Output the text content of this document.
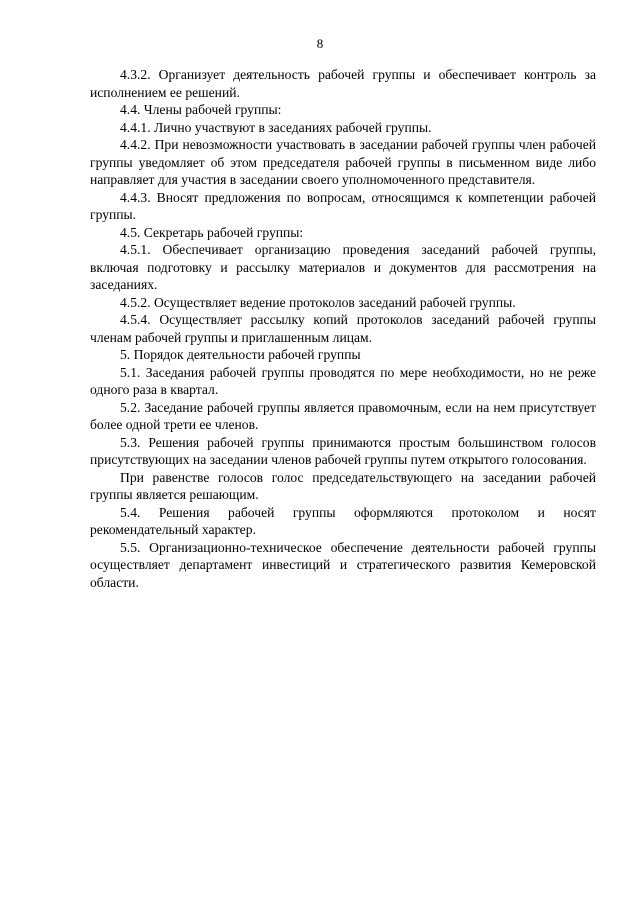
8

4.3.2. Организует деятельность рабочей группы и обеспечивает контроль за исполнением ее решений.

4.4. Члены рабочей группы:

4.4.1. Лично участвуют в заседаниях рабочей группы.

4.4.2. При невозможности участвовать в заседании рабочей группы член рабочей группы уведомляет об этом председателя рабочей группы в письменном виде либо направляет для участия в заседании своего уполномоченного представителя.

4.4.3. Вносят предложения по вопросам, относящимся к компетенции рабочей группы.

4.5. Секретарь рабочей группы:

4.5.1. Обеспечивает организацию проведения заседаний рабочей группы, включая подготовку и рассылку материалов и документов для рассмотрения на заседаниях.

4.5.2. Осуществляет ведение протоколов заседаний рабочей группы.

4.5.4. Осуществляет рассылку копий протоколов заседаний рабочей группы членам рабочей группы и приглашенным лицам.

5. Порядок деятельности рабочей группы

5.1. Заседания рабочей группы проводятся по мере необходимости, но не реже одного раза в квартал.

5.2. Заседание рабочей группы является правомочным, если на нем присутствует более одной трети ее членов.

5.3. Решения рабочей группы принимаются простым большинством голосов присутствующих на заседании членов рабочей группы путем открытого голосования.

При равенстве голосов голос председательствующего на заседании рабочей группы является решающим.

5.4. Решения рабочей группы оформляются протоколом и носят рекомендательный характер.

5.5. Организационно-техническое обеспечение деятельности рабочей группы осуществляет департамент инвестиций и стратегического развития Кемеровской области.
